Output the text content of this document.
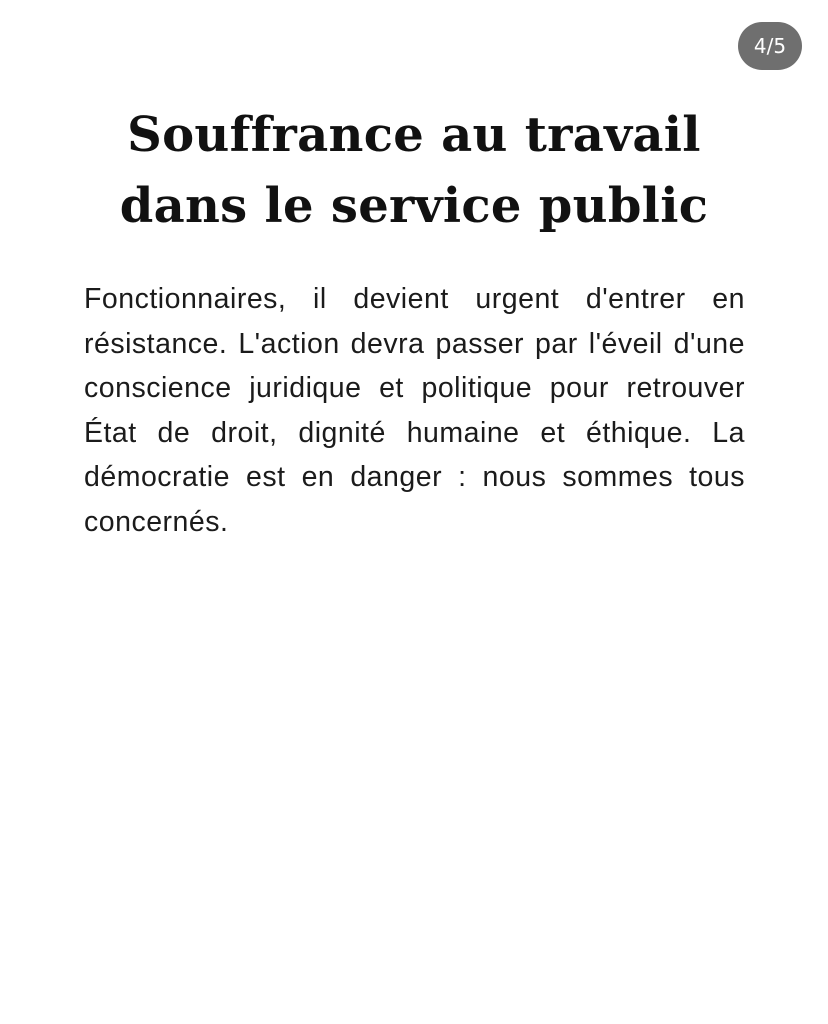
4/5
Souffrance au travail
dans le service public

Fonctionnaires, il devient urgent d'entrer en résistance. L'action devra passer par l'éveil d'une conscience juridique et politique pour retrouver État de droit, dignité humaine et éthique. La démocratie est en danger : nous sommes tous concernés.
